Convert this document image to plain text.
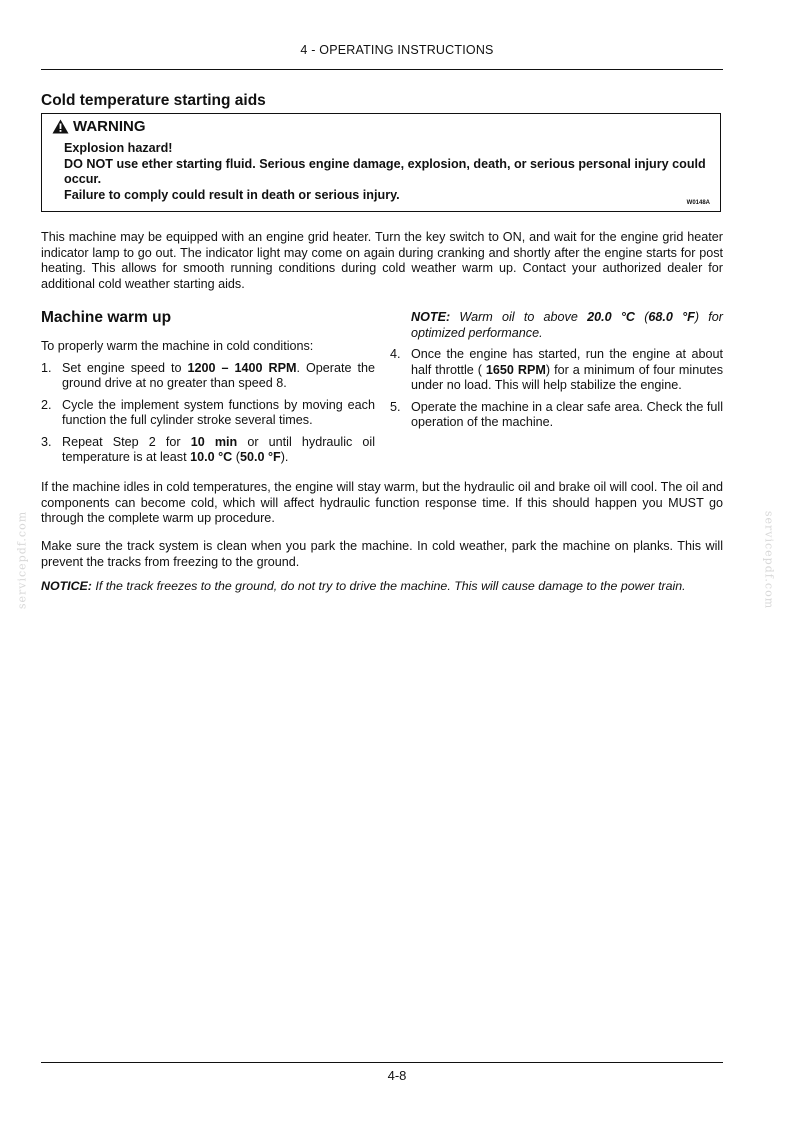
4 - OPERATING INSTRUCTIONS
Cold temperature starting aids
WARNING

Explosion hazard!

DO NOT use ether starting fluid. Serious engine damage, explosion, death, or serious personal injury could occur.

Failure to comply could result in death or serious injury.

W0148A

This machine may be equipped with an engine grid heater. Turn the key switch to ON, and wait for the engine grid heater indicator lamp to go out. The indicator light may come on again during cranking and shortly after the engine starts for post heating. This allows for smooth running conditions during cold weather warm up. Contact your authorized dealer for additional cold weather starting aids.

Machine warm up

To properly warm the machine in cold conditions:

1. Set engine speed to 1200 – 1400 RPM. Operate the ground drive at no greater than speed 8.
2. Cycle the implement system functions by moving each function the full cylinder stroke several times.
3. Repeat Step 2 for 10 min or until hydraulic oil temperature is at least 10.0 °C (50.0 °F).

NOTE: Warm oil to above 20.0 °C (68.0 °F) for optimized performance.

4. Once the engine has started, run the engine at about half throttle ( 1650 RPM) for a minimum of four minutes under no load. This will help stabilize the engine.
5. Operate the machine in a clear safe area. Check the full operation of the machine.

If the machine idles in cold temperatures, the engine will stay warm, but the hydraulic oil and brake oil will cool. The oil and components can become cold, which will affect hydraulic function response time. If this should happen you MUST go through the complete warm up procedure.

Make sure the track system is clean when you park the machine. In cold weather, park the machine on planks. This will prevent the tracks from freezing to the ground.

NOTICE: If the track freezes to the ground, do not try to drive the machine. This will cause damage to the power train.

servicepdf.com	servicepdf.com
4-8
